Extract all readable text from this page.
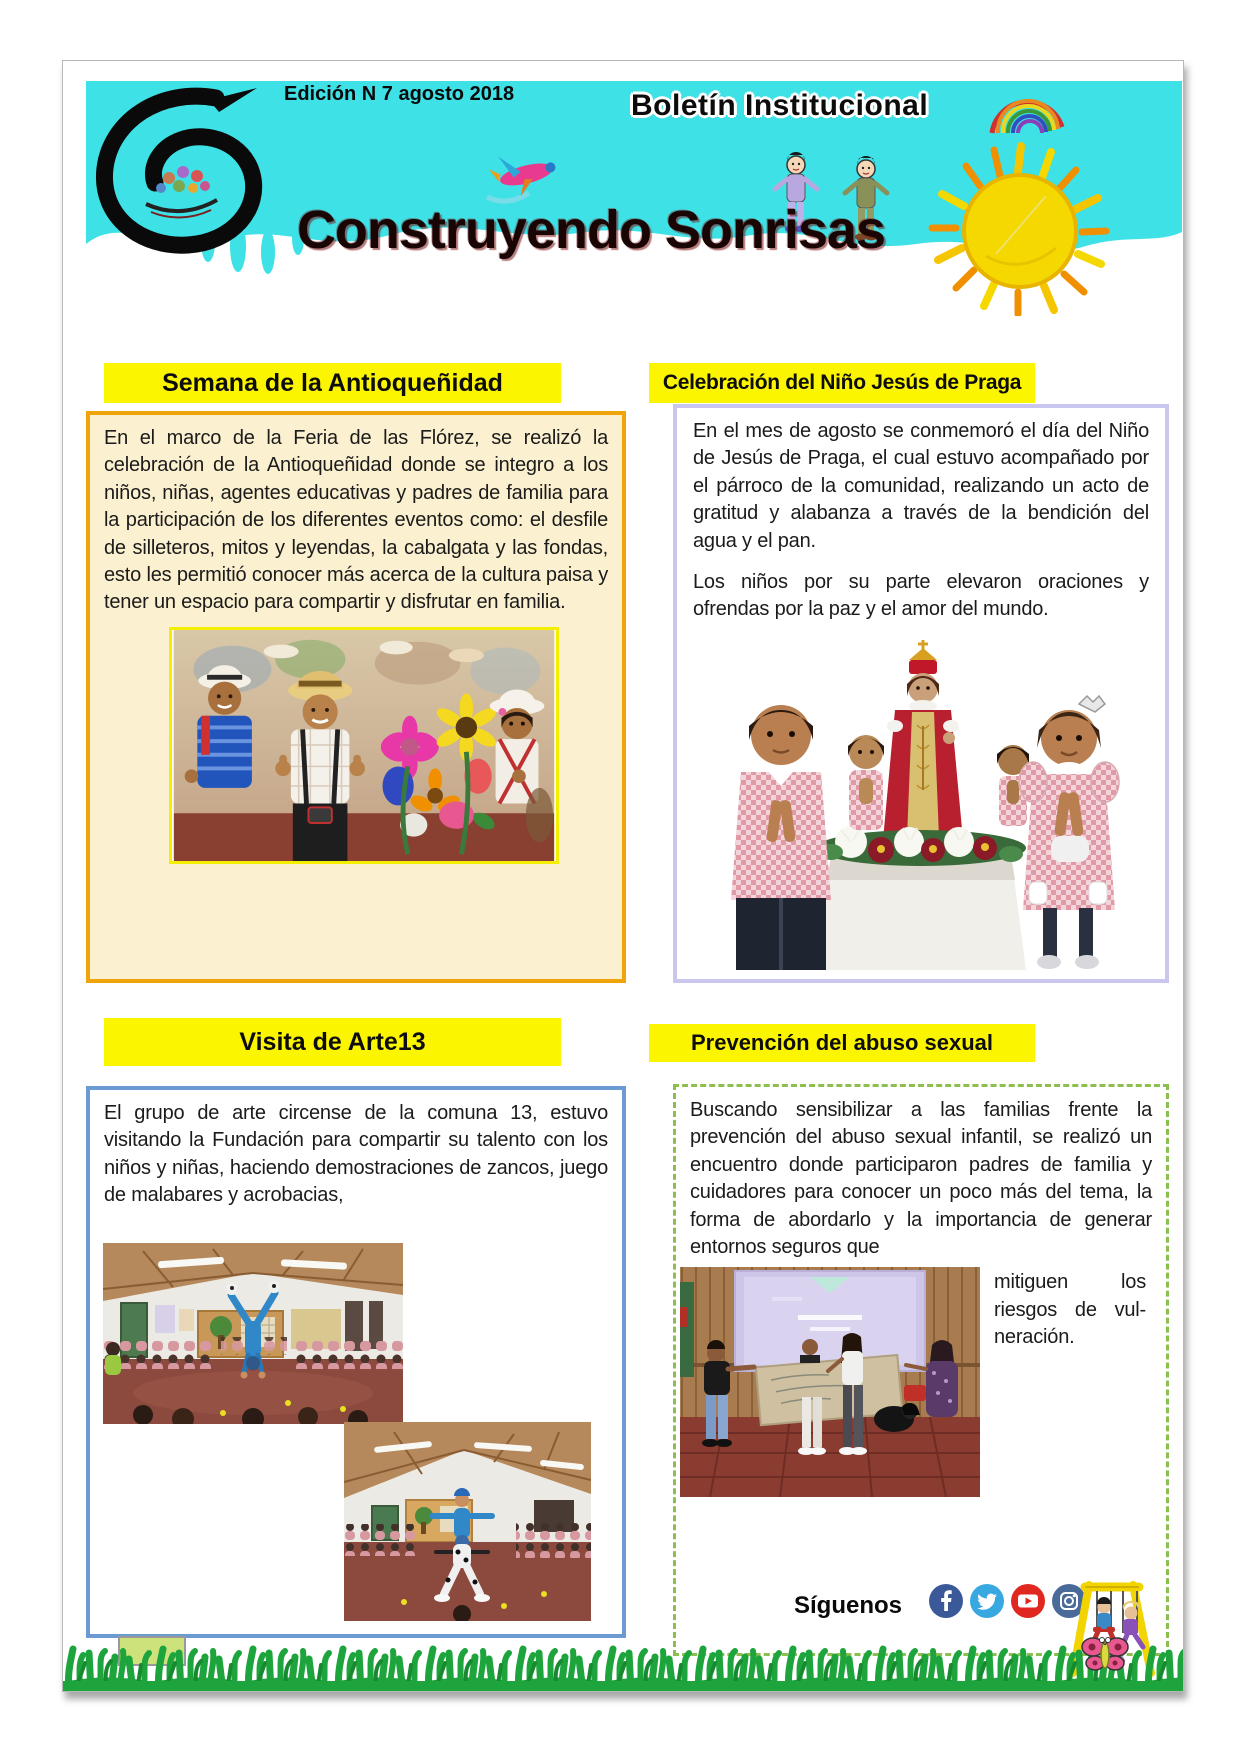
Edición N 7 agosto 2018	Boletín Institucional
Construyendo Sonrisas
Semana de la Antioqueñidad
En el marco de la Feria de las Flórez, se realizó la celebración de la Antioqueñidad donde se integro a los niños, niñas, agentes educativas y padres de familia para la participación de los diferentes eventos como: el desfile de silleteros, mitos y leyendas, la cabalgata y las fondas, esto les permitió conocer más acerca de la cultura paisa y tener un espacio para compartir y disfrutar en familia.
Celebración del Niño Jesús de Praga
En el mes de agosto se conmemoró el día del Niño de Jesús de Praga, el cual estuvo acompañado por el párroco de la comunidad, realizando un acto de gratitud y alabanza a través de la bendición del agua y el pan.
Los niños por su parte elevaron oraciones y ofrendas por la paz y el amor del mundo.
Visita de Arte13
El grupo de arte circense de la comuna 13, estuvo visitando la Fundación para compartir su talento con los niños y niñas, haciendo demostraciones de zancos, juego de malabares y acrobacias,
Prevención del abuso sexual
Buscando sensibilizar a las familias frente la prevención del abuso sexual infantil, se realizó un encuentro donde participaron padres de familia y cuidadores para conocer un poco más del tema, la forma de abordarlo y la importancia de generar entornos seguros que
mitiguen los riesgos de vul-neración.
Síguenos
